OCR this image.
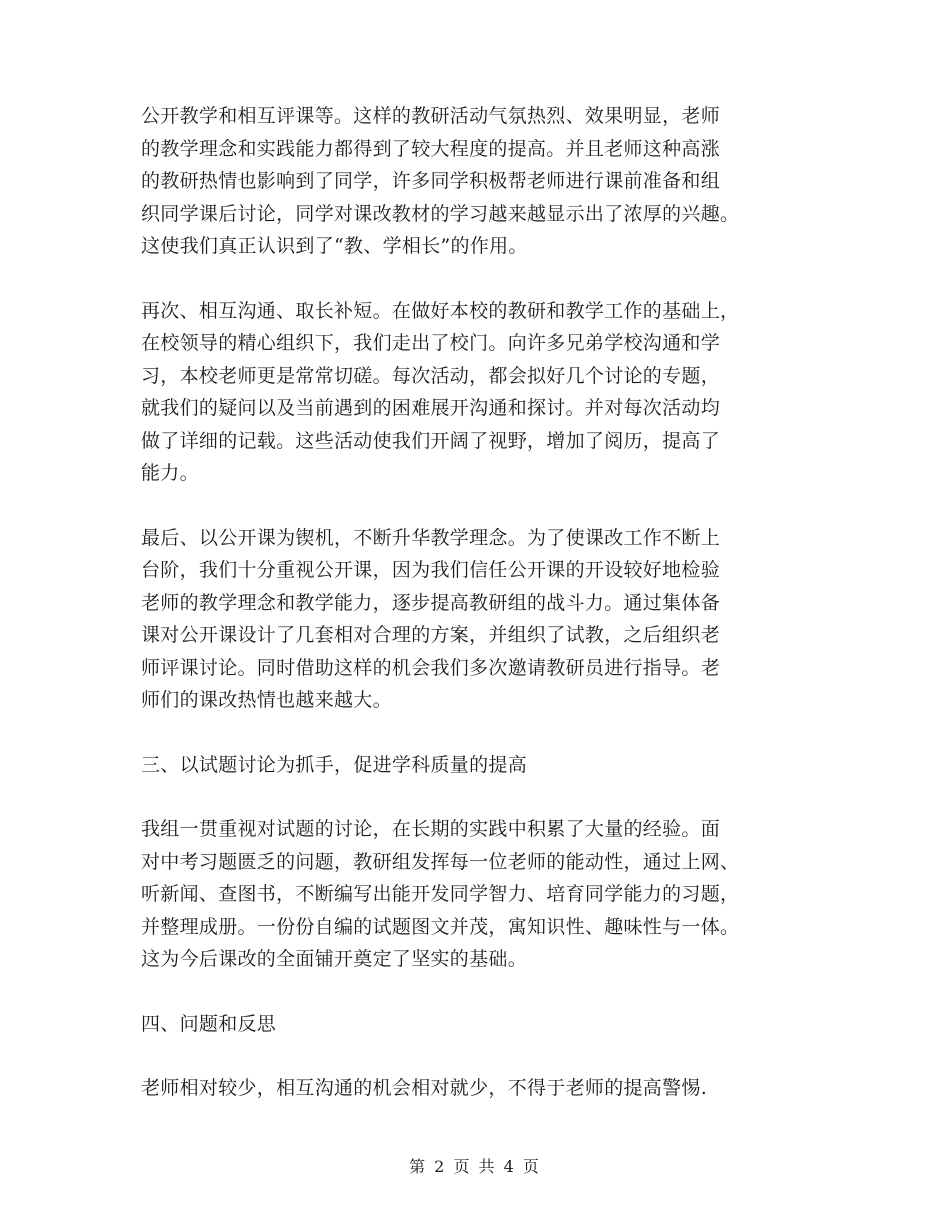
公开教学和相互评课等。这样的教研活动气氛热烈、效果明显，老师
的教学理念和实践能力都得到了较大程度的提高。并且老师这种高涨
的教研热情也影响到了同学，许多同学积极帮老师进行课前准备和组
织同学课后讨论，同学对课改教材的学习越来越显示出了浓厚的兴趣。
这使我们真正认识到了“教、学相长”的作用。
再次、相互沟通、取长补短。在做好本校的教研和教学工作的基础上，
在校领导的精心组织下，我们走出了校门。向许多兄弟学校沟通和学
习，本校老师更是常常切磋。每次活动，都会拟好几个讨论的专题，
就我们的疑问以及当前遇到的困难展开沟通和探讨。并对每次活动均
做了详细的记载。这些活动使我们开阔了视野，增加了阅历，提高了
能力。
最后、以公开课为锲机，不断升华教学理念。为了使课改工作不断上
台阶，我们十分重视公开课，因为我们信任公开课的开设较好地检验
老师的教学理念和教学能力，逐步提高教研组的战斗力。通过集体备
课对公开课设计了几套相对合理的方案，并组织了试教，之后组织老
师评课讨论。同时借助这样的机会我们多次邀请教研员进行指导。老
师们的课改热情也越来越大。
三、以试题讨论为抓手，促进学科质量的提高
我组一贯重视对试题的讨论，在长期的实践中积累了大量的经验。面
对中考习题匮乏的问题，教研组发挥每一位老师的能动性，通过上网、
听新闻、查图书，不断编写出能开发同学智力、培育同学能力的习题，
并整理成册。一份份自编的试题图文并茂，寓知识性、趣味性与一体。
这为今后课改的全面铺开奠定了坚实的基础。
四、问题和反思
老师相对较少，相互沟通的机会相对就少，不得于老师的提高警惕.
第 2 页 共 4 页
